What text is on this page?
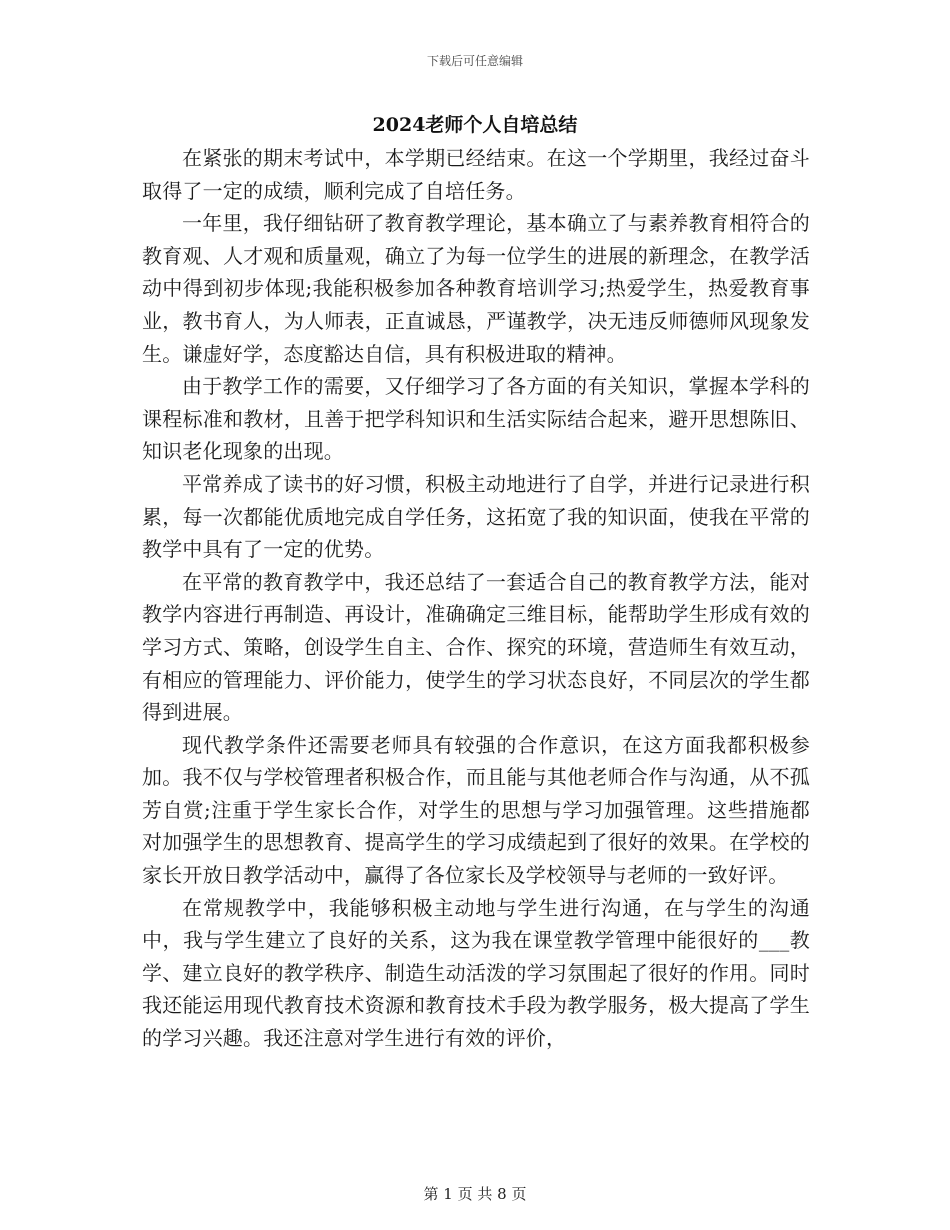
下载后可任意编辑
2024老师个人自培总结

在紧张的期末考试中，本学期已经结束。在这一个学期里，我经过奋斗取得了一定的成绩，顺利完成了自培任务。

一年里，我仔细钻研了教育教学理论，基本确立了与素养教育相符合的教育观、人才观和质量观，确立了为每一位学生的进展的新理念，在教学活动中得到初步体现;我能积极参加各种教育培训学习;热爱学生，热爱教育事业，教书育人，为人师表，正直诚恳，严谨教学，决无违反师德师风现象发生。谦虚好学，态度豁达自信，具有积极进取的精神。

由于教学工作的需要，又仔细学习了各方面的有关知识，掌握本学科的课程标准和教材，且善于把学科知识和生活实际结合起来，避开思想陈旧、知识老化现象的出现。

平常养成了读书的好习惯，积极主动地进行了自学，并进行记录进行积累，每一次都能优质地完成自学任务，这拓宽了我的知识面，使我在平常的教学中具有了一定的优势。

在平常的教育教学中，我还总结了一套适合自己的教育教学方法，能对教学内容进行再制造、再设计，准确确定三维目标，能帮助学生形成有效的学习方式、策略，创设学生自主、合作、探究的环境，营造师生有效互动，有相应的管理能力、评价能力，使学生的学习状态良好，不同层次的学生都得到进展。

现代教学条件还需要老师具有较强的合作意识，在这方面我都积极参加。我不仅与学校管理者积极合作，而且能与其他老师合作与沟通，从不孤芳自赏;注重于学生家长合作，对学生的思想与学习加强管理。这些措施都对加强学生的思想教育、提高学生的学习成绩起到了很好的效果。在学校的家长开放日教学活动中，赢得了各位家长及学校领导与老师的一致好评。

在常规教学中，我能够积极主动地与学生进行沟通，在与学生的沟通中，我与学生建立了良好的关系，这为我在课堂教学管理中能很好的___教学、建立良好的教学秩序、制造生动活泼的学习氛围起了很好的作用。同时我还能运用现代教育技术资源和教育技术手段为教学服务，极大提高了学生的学习兴趣。我还注意对学生进行有效的评价，

第 1 页 共 8 页
